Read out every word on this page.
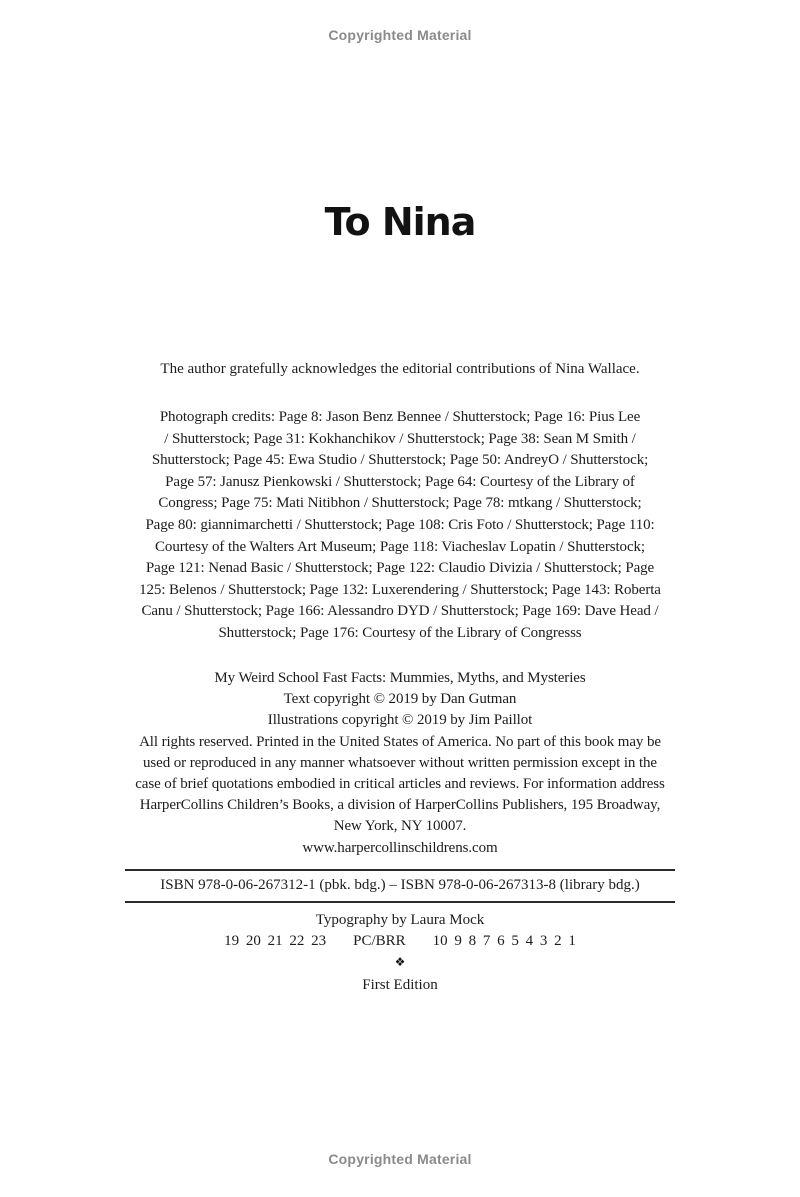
Copyrighted Material
To Nina
The author gratefully acknowledges the editorial contributions of Nina Wallace.
Photograph credits: Page 8: Jason Benz Bennee / Shutterstock; Page 16: Pius Lee
/ Shutterstock; Page 31: Kokhanchikov / Shutterstock; Page 38: Sean M Smith /
Shutterstock; Page 45: Ewa Studio / Shutterstock; Page 50: AndreyO / Shutterstock;
Page 57: Janusz Pienkowski / Shutterstock; Page 64: Courtesy of the Library of
Congress; Page 75: Mati Nitibhon / Shutterstock; Page 78: mtkang / Shutterstock;
Page 80: giannimarchetti / Shutterstock; Page 108: Cris Foto / Shutterstock; Page 110:
Courtesy of the Walters Art Museum; Page 118: Viacheslav Lopatin / Shutterstock;
Page 121: Nenad Basic / Shutterstock; Page 122: Claudio Divizia / Shutterstock; Page
125: Belenos / Shutterstock; Page 132: Luxerendering / Shutterstock; Page 143: Roberta
Canu / Shutterstock; Page 166: Alessandro DYD / Shutterstock; Page 169: Dave Head /
Shutterstock; Page 176: Courtesy of the Library of Congresss
My Weird School Fast Facts: Mummies, Myths, and Mysteries
Text copyright © 2019 by Dan Gutman
Illustrations copyright © 2019 by Jim Paillot
All rights reserved. Printed in the United States of America. No part of this book may be
used or reproduced in any manner whatsoever without written permission except in the
case of brief quotations embodied in critical articles and reviews. For information address
HarperCollins Children’s Books, a division of HarperCollins Publishers, 195 Broadway,
New York, NY 10007.
www.harpercollinschildrens.com
ISBN 978-0-06-267312-1 (pbk. bdg.) – ISBN 978-0-06-267313-8 (library bdg.)
Typography by Laura Mock
19 20 21 22 23    PC/BRR    10 9 8 7 6 5 4 3 2 1
❖
First Edition
Copyrighted Material
